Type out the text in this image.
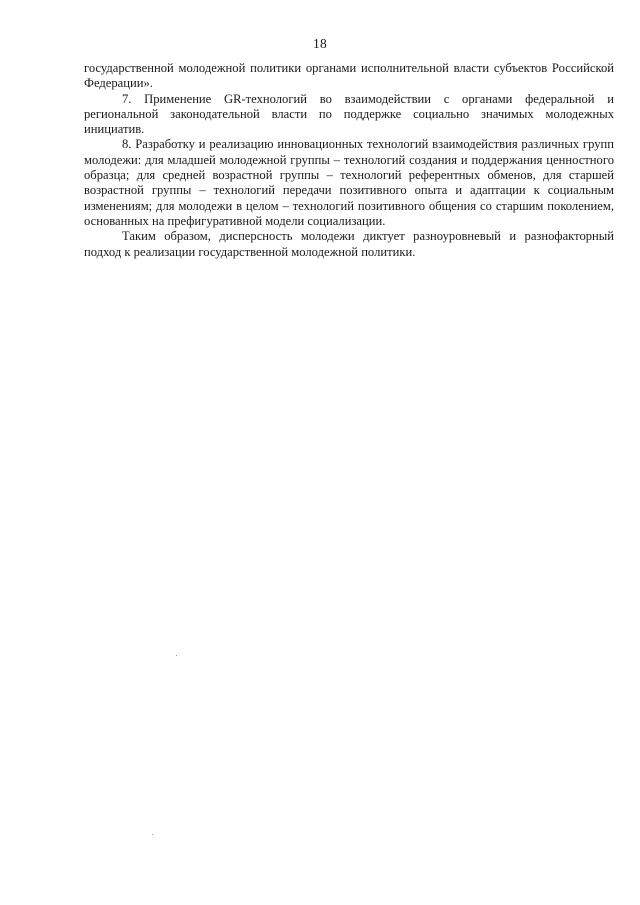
18

государственной молодежной политики органами исполнительной власти субъектов Российской Федерации».

7. Применение GR-технологий во взаимодействии с органами федеральной и региональной законодательной власти по поддержке социально значимых молодежных инициатив.

8. Разработку и реализацию инновационных технологий взаимодействия различных групп молодежи: для младшей молодежной группы – технологий создания и поддержания ценностного образца; для средней возрастной группы – технологий референтных обменов, для старшей возрастной группы – технологий передачи позитивного опыта и адаптации к социальным изменениям; для молодежи в целом – технологий позитивного общения со старшим поколением, основанных на префигуративной модели социализации.

Таким образом, дисперсность молодежи диктует разноуровневый и разнофакторный подход к реализации государственной молодежной политики.
